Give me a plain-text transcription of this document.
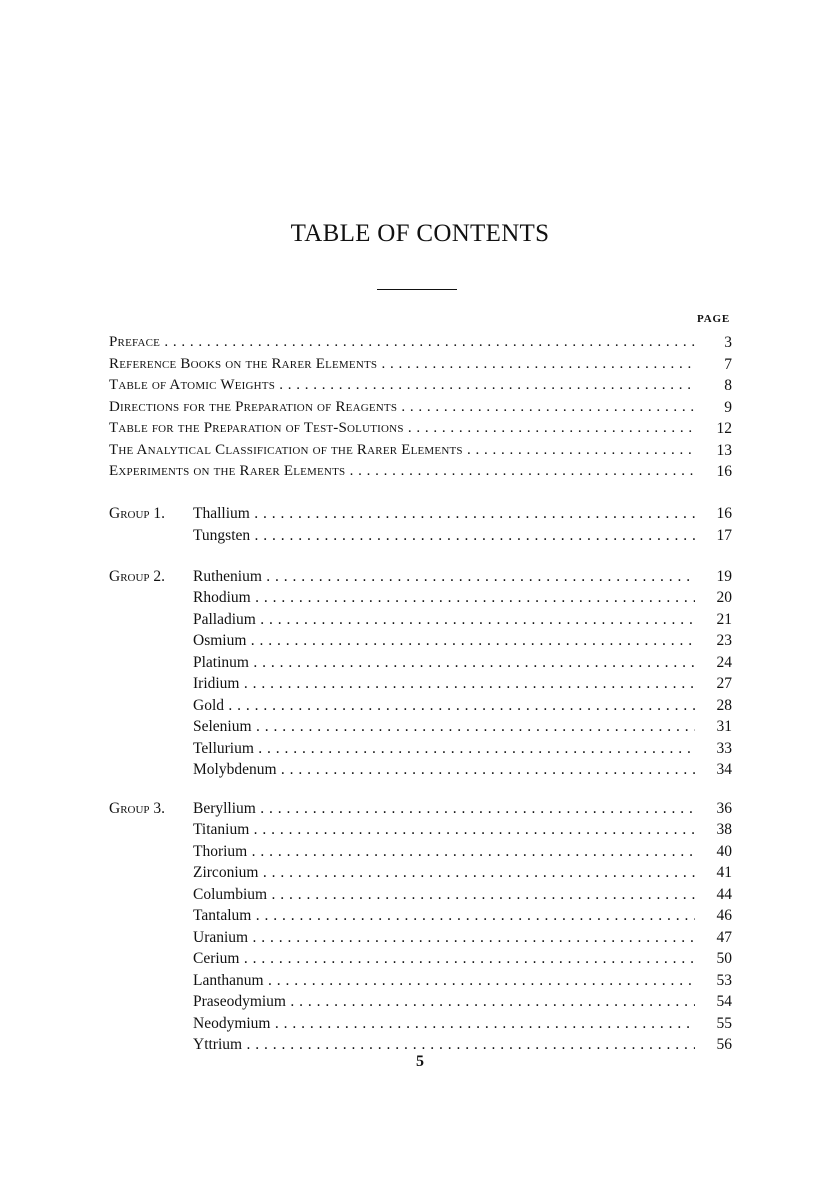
TABLE OF CONTENTS
PAGE
Preface . . .	3
Reference Books on the Rarer Elements . . .	7
Table of Atomic Weights . . .	8
Directions for the Preparation of Reagents . . .	9
Table for the Preparation of Test-Solutions . . .	12
The Analytical Classification of the Rarer Elements . . .	13
Experiments on the Rarer Elements . . .	16
Group 1. Thallium . . .	16
Tungsten . . .	17
Group 2. Ruthenium . . .	19
Rhodium . . .	20
Palladium . . .	21
Osmium . . .	23
Platinum . . .	24
Iridium . . .	27
Gold . . .	28
Selenium . . .	31
Tellurium . . .	33
Molybdenum . . .	34
Group 3. Beryllium . . .	36
Titanium . . .	38
Thorium . . .	40
Zirconium . . .	41
Columbium . . .	44
Tantalum . . .	46
Uranium . . .	47
Cerium . . .	50
Lanthanum . . .	53
Praseodymium . . .	54
Neodymium . . .	55
Yttrium . . .	56
5
